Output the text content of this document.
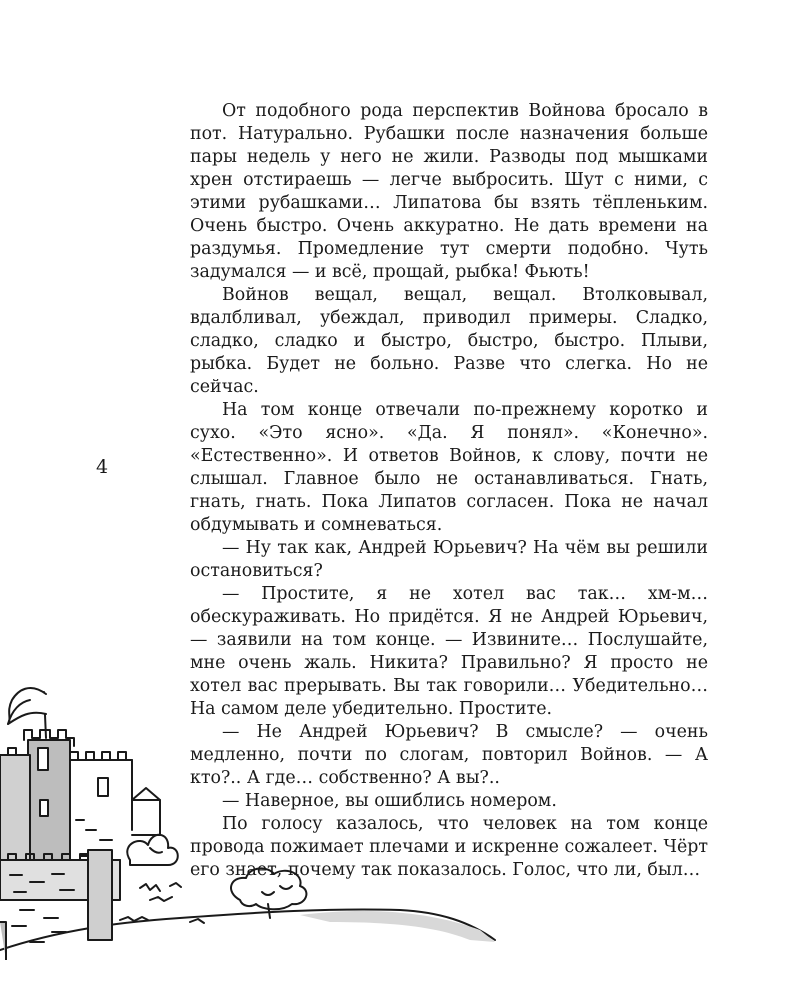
4

От подобного рода перспектив Войнова бросало в пот. Натурально. Рубашки после назначения больше пары недель у него не жили. Разводы под мышками хрен отстираешь — легче выбросить. Шут с ними, с этими рубашками… Липатова бы взять тёпленьким. Очень быстро. Очень аккуратно. Не дать времени на раздумья. Промедление тут смерти подобно. Чуть задумался — и всё, прощай, рыбка! Фьють!

Войнов вещал, вещал, вещал. Втолковывал, вдалбливал, убеждал, приводил примеры. Сладко, сладко, сладко и быстро, быстро, быстро. Плыви, рыбка. Будет не больно. Разве что слегка. Но не сейчас.

На том конце отвечали по-прежнему коротко и сухо. «Это ясно». «Да. Я понял». «Конечно». «Естественно». И ответов Войнов, к слову, почти не слышал. Главное было не останавливаться. Гнать, гнать, гнать. Пока Липатов согласен. Пока не начал обдумывать и сомневаться.

— Ну так как, Андрей Юрьевич? На чём вы решили остановиться?

— Простите, я не хотел вас так… хм-м… обескураживать. Но придётся. Я не Андрей Юрьевич, — заявили на том конце. — Извините… Послушайте, мне очень жаль. Никита? Правильно? Я просто не хотел вас прерывать. Вы так говорили… Убедительно… На самом деле убедительно. Простите.

— Не Андрей Юрьевич? В смысле? — очень медленно, почти по слогам, повторил Войнов. — А кто?.. А где… собственно? А вы?..

— Наверное, вы ошиблись номером.

По голосу казалось, что человек на том конце провода пожимает плечами и искренне сожалеет. Чёрт его знает, почему так показалось. Голос, что ли, был…
